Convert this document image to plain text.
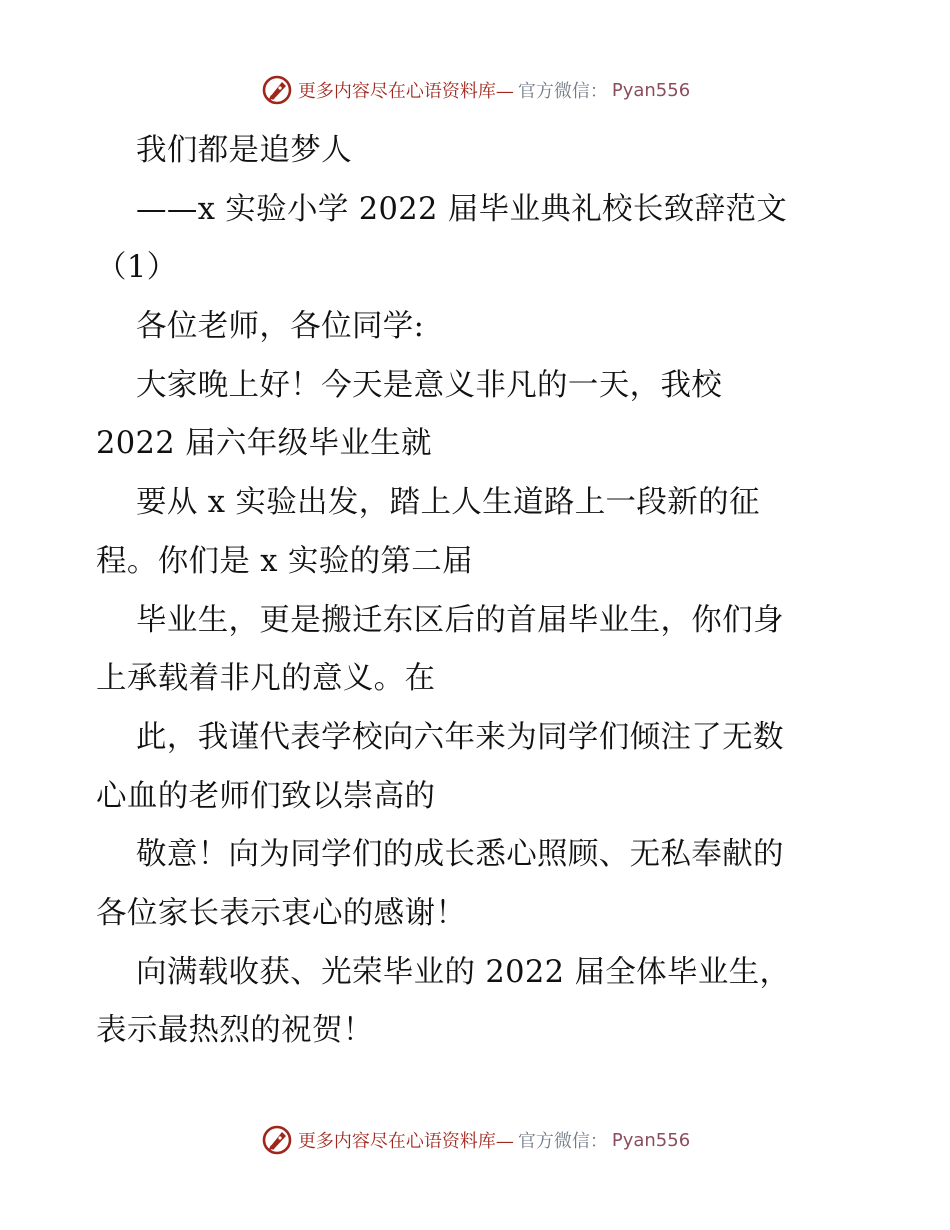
更多内容尽在心语资料库— 官方微信： Pyan556
我们都是追梦人
——x 实验小学 2022 届毕业典礼校长致辞范文
（1）
各位老师，各位同学:
大家晚上好！今天是意义非凡的一天，我校
2022 届六年级毕业生就
要从 x 实验出发，踏上人生道路上一段新的征
程。你们是 x 实验的第二届
毕业生，更是搬迁东区后的首届毕业生，你们身
上承载着非凡的意义。在
此，我谨代表学校向六年来为同学们倾注了无数
心血的老师们致以崇高的
敬意！向为同学们的成长悉心照顾、无私奉献的
各位家长表示衷心的感谢！
向满载收获、光荣毕业的 2022 届全体毕业生，
表示最热烈的祝贺！
更多内容尽在心语资料库— 官方微信： Pyan556
